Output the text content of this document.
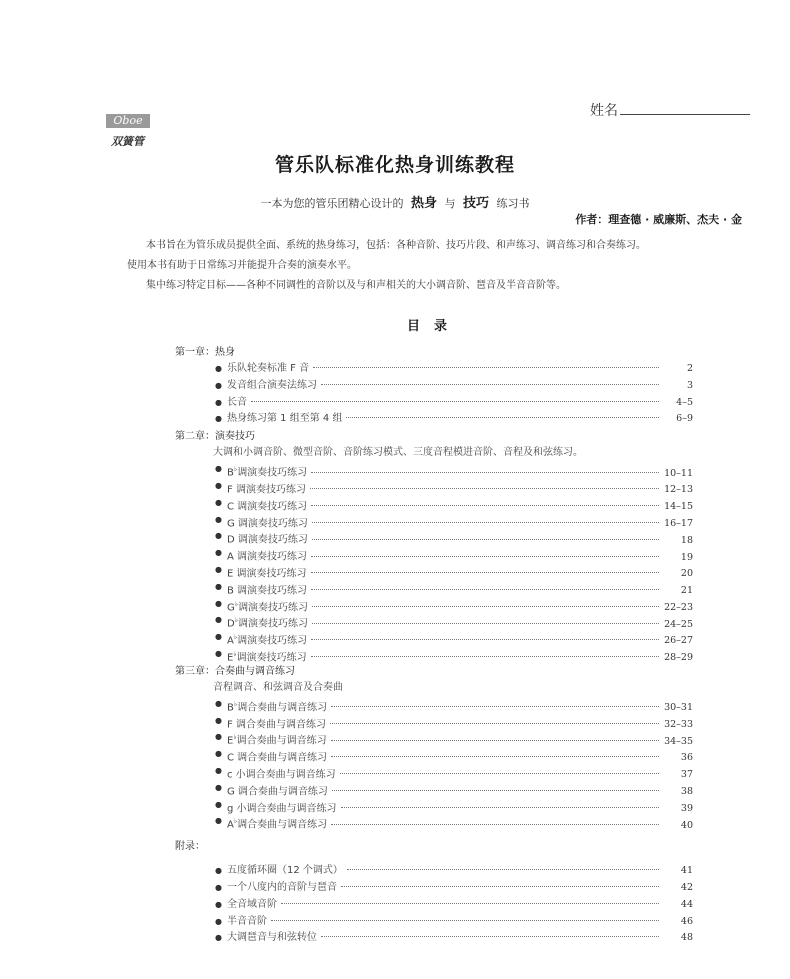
姓名
Oboe
双簧管
管乐队标准化热身训练教程
一本为您的管乐团精心设计的 热身 与 技巧 练习书
作者：理查德 · 威廉斯、杰夫 · 金
本书旨在为管乐成员提供全面、系统的热身练习，包括：各种音阶、技巧片段、和声练习、调音练习和合奏练习。
使用本书有助于日常练习并能提升合奏的演奏水平。
集中练习特定目标——各种不同调性的音阶以及与和声相关的大小调音阶、琶音及半音音阶等。
目录
第一章：热身
● 乐队轮奏标准 F 音	2
● 发音组合演奏法练习	3
● 长音	4–5
● 热身练习第 1 组至第 4 组	6–9
第二章：演奏技巧
大调和小调音阶、微型音阶、音阶练习模式、三度音程模进音阶、音程及和弦练习。
● B♭调演奏技巧练习	10–11
● F 调演奏技巧练习	12–13
● C 调演奏技巧练习	14–15
● G 调演奏技巧练习	16–17
● D 调演奏技巧练习	18
● A 调演奏技巧练习	19
● E 调演奏技巧练习	20
● B 调演奏技巧练习	21
● G♭调演奏技巧练习	22–23
● D♭调演奏技巧练习	24–25
● A♭调演奏技巧练习	26–27
● E♭调演奏技巧练习	28–29
第三章：合奏曲与调音练习
音程调音、和弦调音及合奏曲
● B♭调合奏曲与调音练习	30–31
● F 调合奏曲与调音练习	32–33
● E♭调合奏曲与调音练习	34–35
● C 调合奏曲与调音练习	36
● c 小调合奏曲与调音练习	37
● G 调合奏曲与调音练习	38
● g 小调合奏曲与调音练习	39
● A♭调合奏曲与调音练习	40
附录：
● 五度循环圈（12 个调式）	41
● 一个八度内的音阶与琶音	42
● 全音域音阶	44
● 半音音阶	46
● 大调琶音与和弦转位	48
